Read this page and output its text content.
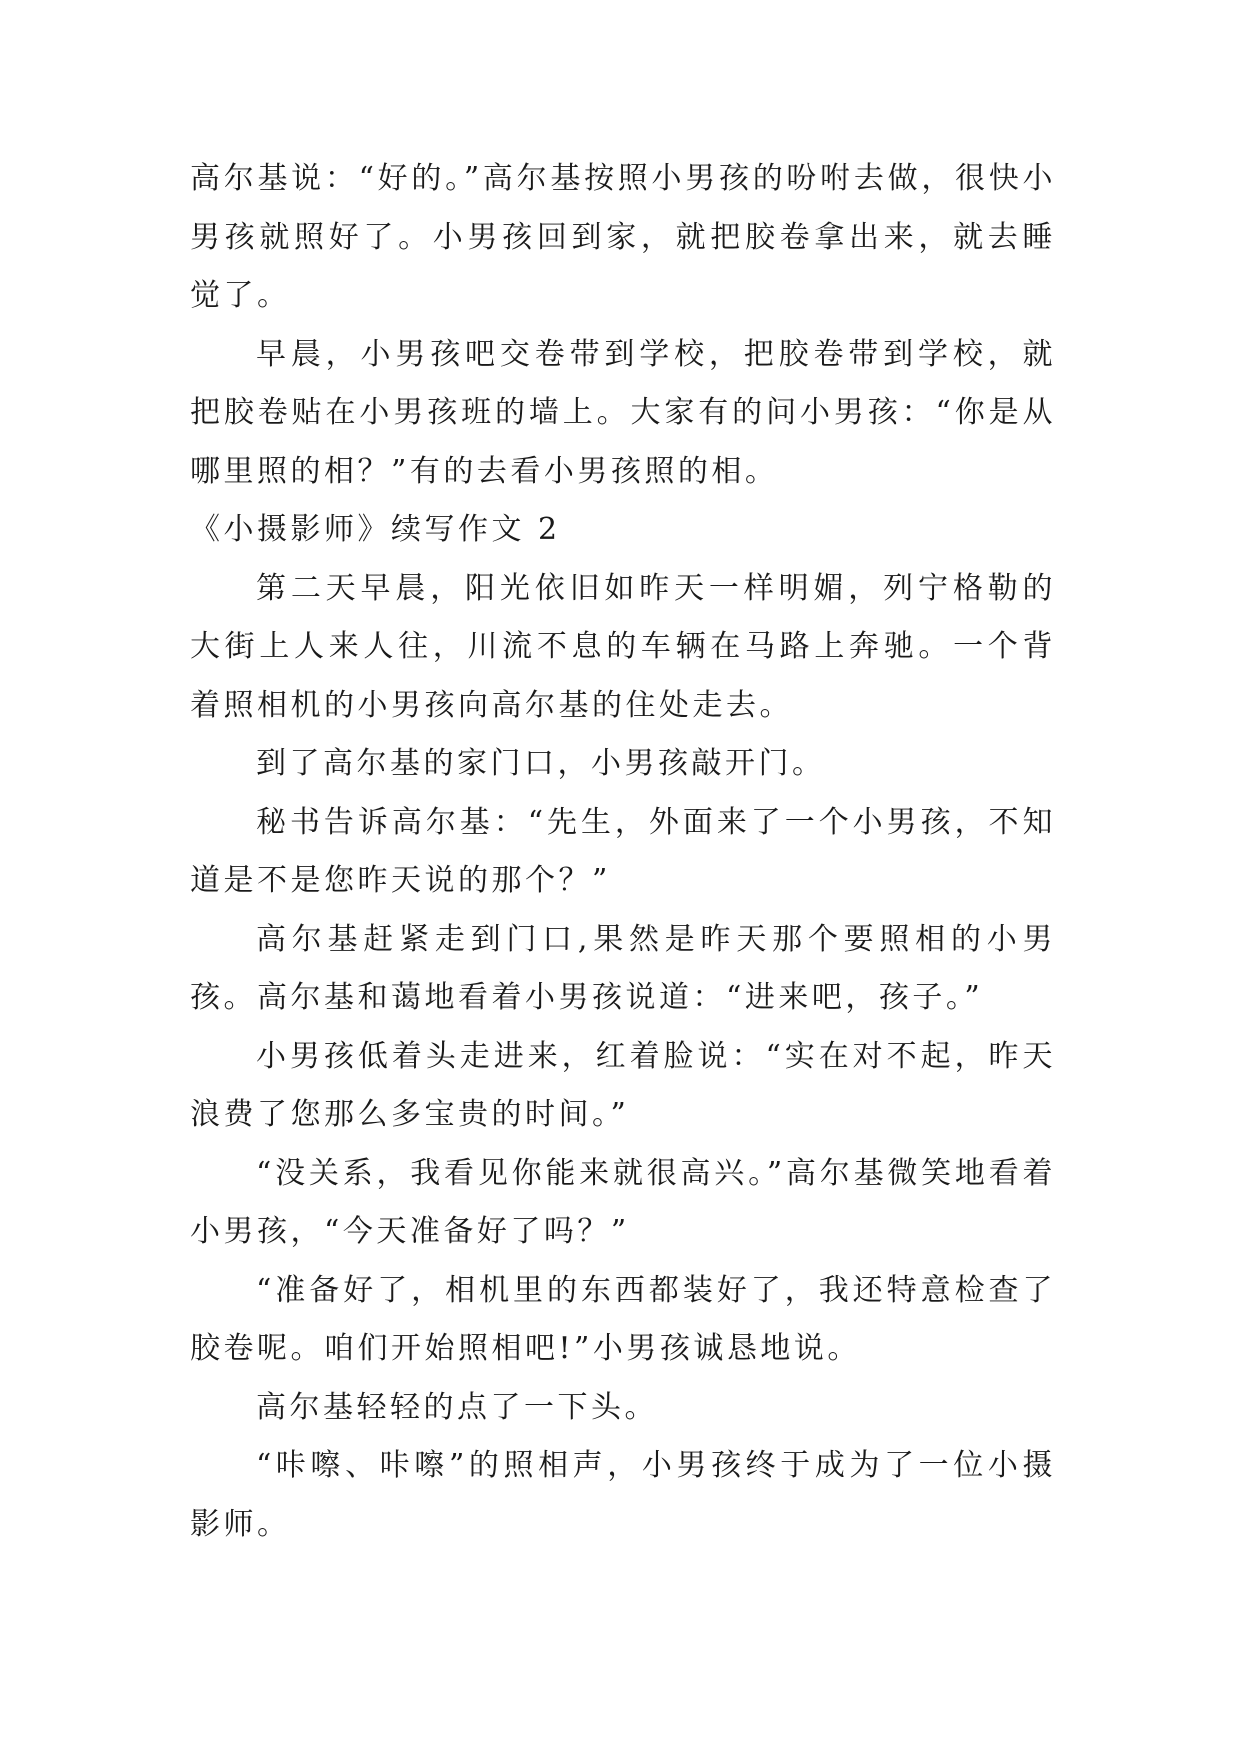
高尔基说：“好的。”高尔基按照小男孩的吩咐去做，很快小男孩就照好了。小男孩回到家，就把胶卷拿出来，就去睡觉了。

早晨，小男孩吧交卷带到学校，把胶卷带到学校，就把胶卷贴在小男孩班的墙上。大家有的问小男孩：“你是从哪里照的相？”有的去看小男孩照的相。

《小摄影师》续写作文 2

第二天早晨，阳光依旧如昨天一样明媚，列宁格勒的大街上人来人往，川流不息的车辆在马路上奔驰。一个背着照相机的小男孩向高尔基的住处走去。

到了高尔基的家门口，小男孩敲开门。

秘书告诉高尔基：“先生，外面来了一个小男孩，不知道是不是您昨天说的那个？”

高尔基赶紧走到门口,果然是昨天那个要照相的小男孩。高尔基和蔼地看着小男孩说道：“进来吧，孩子。”

小男孩低着头走进来，红着脸说：“实在对不起，昨天浪费了您那么多宝贵的时间。”

“没关系，我看见你能来就很高兴。”高尔基微笑地看着小男孩，“今天准备好了吗？”

“准备好了，相机里的东西都装好了，我还特意检查了胶卷呢。咱们开始照相吧!”小男孩诚恳地说。

高尔基轻轻的点了一下头。

“咔嚓、咔嚓”的照相声，小男孩终于成为了一位小摄影师。
